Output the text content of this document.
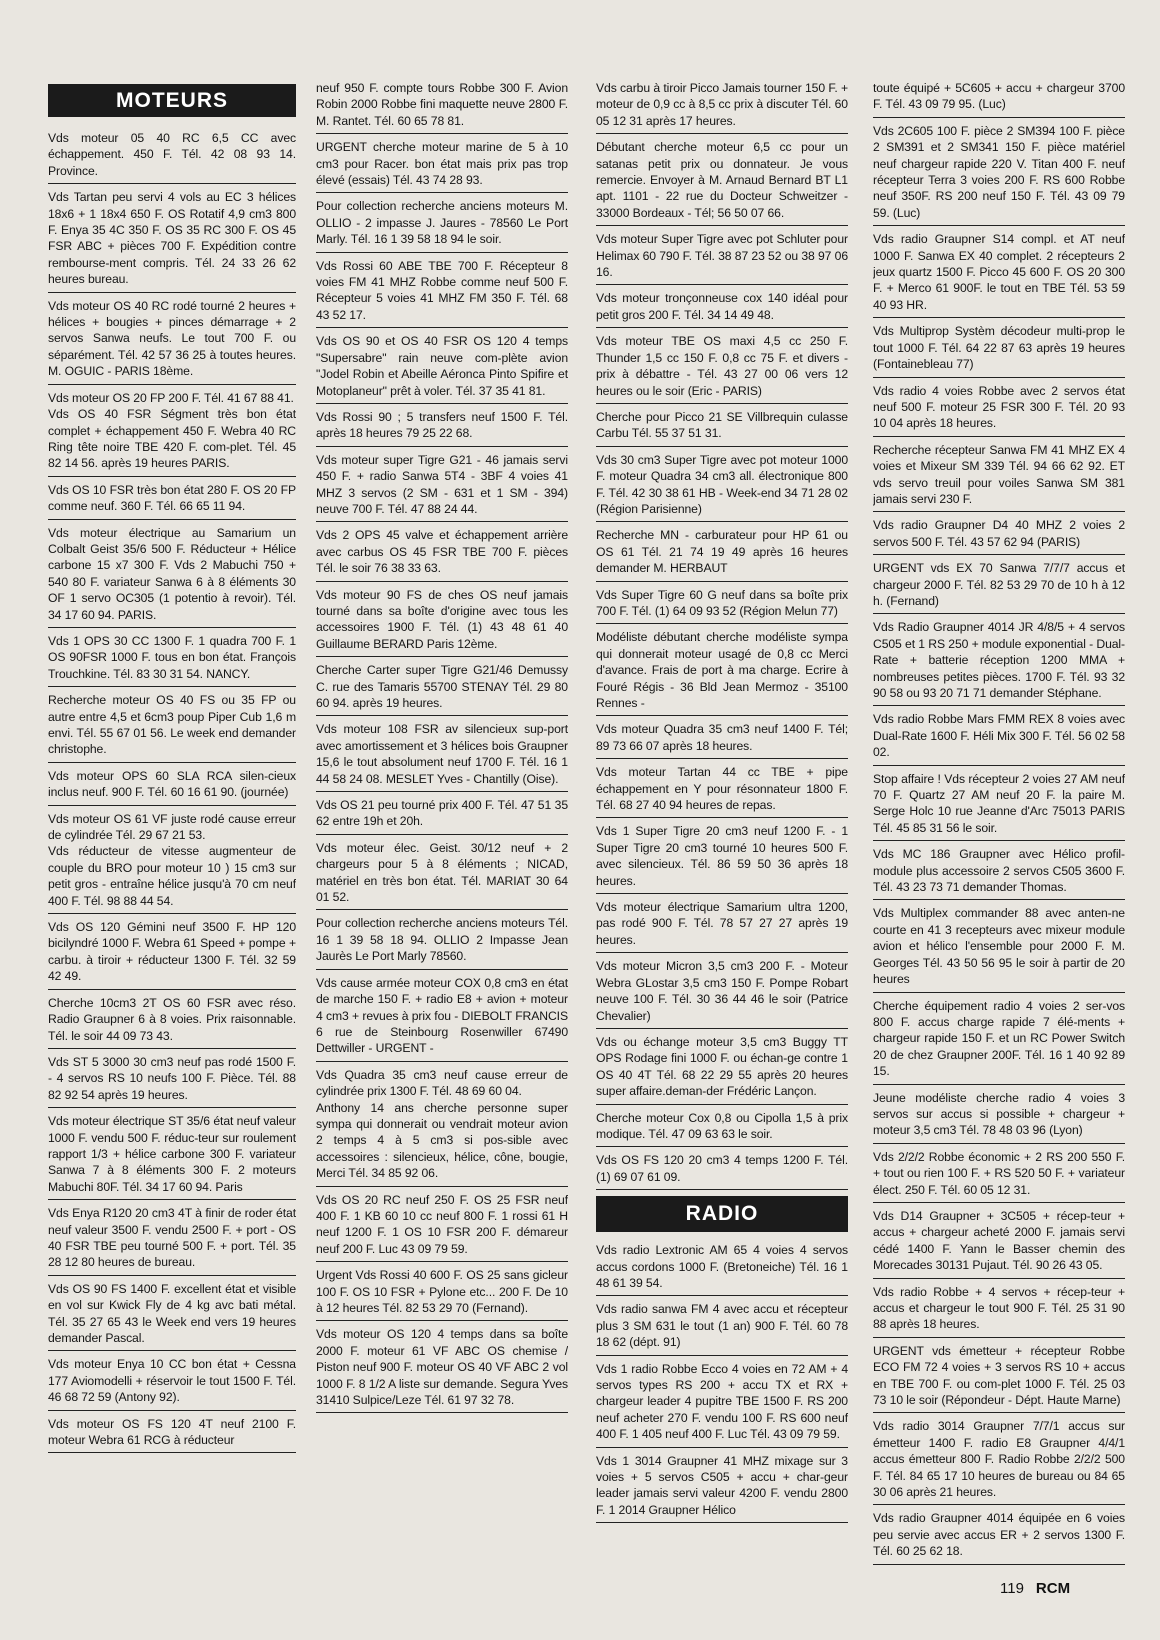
MOTEURS
Vds moteur 05 40 RC 6,5 CC avec échappement. 450 F. Tél. 42 08 93 14. Province.
Vds Tartan peu servi 4 vols au EC 3 hélices 18x6 + 1 18x4 650 F. OS Rotatif 4,9 cm3 800 F. Enya 35 4C 350 F. OS 35 RC 300 F. OS 45 FSR ABC + pièces 700 F. Expédition contre rembourse-ment compris. Tél. 24 33 26 62 heures bureau.
Vds moteur OS 40 RC rodé tourné 2 heures + hélices + bougies + pinces démarrage + 2 servos Sanwa neufs. Le tout 700 F. ou séparément. Tél. 42 57 36 25 à toutes heures. M. OGUIC - PARIS 18ème.
Vds moteur OS 20 FP 200 F. Tél. 41 67 88 41.
Vds OS 40 FSR Ségment très bon état complet + échappement 450 F. Webra 40 RC Ring tête noire TBE 420 F. com-plet. Tél. 45 82 14 56. après 19 heures PARIS.
Vds OS 10 FSR très bon état 280 F. OS 20 FP comme neuf. 360 F. Tél. 66 65 11 94.
Vds moteur électrique au Samarium un Colbalt Geist 35/6 500 F. Réducteur + Hélice carbone 15 x7 300 F. Vds 2 Mabuchi 750 + 540 80 F. variateur Sanwa 6 à 8 éléments 30 OF 1 servo OC305 (1 potentio à revoir). Tél. 34 17 60 94. PARIS.
Vds 1 OPS 30 CC 1300 F. 1 quadra 700 F. 1 OS 90FSR 1000 F. tous en bon état. François Trouchkine. Tél. 83 30 31 54. NANCY.
Recherche moteur OS 40 FS ou 35 FP ou autre entre 4,5 et 6cm3 poup Piper Cub 1,6 m envi. Tél. 55 67 01 56. Le week end demander christophe.
Vds moteur OPS 60 SLA RCA silen-cieux inclus neuf. 900 F. Tél. 60 16 61 90. (journée)
Vds moteur OS 61 VF juste rodé cause erreur de cylindrée Tél. 29 67 21 53.
Vds réducteur de vitesse augmenteur de couple du BRO pour moteur 10 ) 15 cm3 sur petit gros - entraîne hélice jusqu'à 70 cm neuf 400 F. Tél. 98 88 44 54.
Vds OS 120 Gémini neuf 3500 F. HP 120 bicilyndré 1000 F. Webra 61 Speed + pompe + carbu. à tiroir + réducteur 1300 F. Tél. 32 59 42 49.
Cherche 10cm3 2T OS 60 FSR avec réso. Radio Graupner 6 à 8 voies. Prix raisonnable. Tél. le soir 44 09 73 43.
Vds ST 5 3000 30 cm3 neuf pas rodé 1500 F. - 4 servos RS 10 neufs 100 F. Pièce. Tél. 88 82 92 54 après 19 heures.
Vds moteur électrique ST 35/6 état neuf valeur 1000 F. vendu 500 F. réduc-teur sur roulement rapport 1/3 + hélice carbone 300 F. variateur Sanwa 7 à 8 éléments 300 F. 2 moteurs Mabuchi 80F. Tél. 34 17 60 94. Paris
Vds Enya R120 20 cm3 4T à finir de roder état neuf valeur 3500 F. vendu 2500 F. + port - OS 40 FSR TBE peu tourné 500 F. + port. Tél. 35 28 12 80 heures de bureau.
Vds OS 90 FS 1400 F. excellent état et visible en vol sur Kwick Fly de 4 kg avc bati métal. Tél. 35 27 65 43 le Week end vers 19 heures demander Pascal.
Vds moteur Enya 10 CC bon état + Cessna 177 Aviomodelli + réservoir le tout 1500 F. Tél. 46 68 72 59 (Antony 92).
Vds moteur OS FS 120 4T neuf 2100 F. moteur Webra 61 RCG à réducteur
neuf 950 F. compte tours Robbe 300 F. Avion Robin 2000 Robbe fini maquette neuve 2800 F. M. Rantet. Tél. 60 65 78 81.
URGENT cherche moteur marine de 5 à 10 cm3 pour Racer. bon état mais prix pas trop élevé (essais) Tél. 43 74 28 93.
Pour collection recherche anciens moteurs M. OLLIO - 2 impasse J. Jaures - 78560 Le Port Marly. Tél. 16 1 39 58 18 94 le soir.
Vds Rossi 60 ABE TBE 700 F. Récepteur 8 voies FM 41 MHZ Robbe comme neuf 500 F. Récepteur 5 voies 41 MHZ FM 350 F. Tél. 68 43 52 17.
Vds OS 90 et OS 40 FSR OS 120 4 temps "Supersabre" rain neuve com-plète avion "Jodel Robin et Abeille Aéronca Pinto Spifire et Motoplaneur" prêt à voler. Tél. 37 35 41 81.
Vds Rossi 90 ; 5 transfers neuf 1500 F. Tél. après 18 heures 79 25 22 68.
Vds moteur super Tigre G21 - 46 jamais servi 450 F. + radio Sanwa 5T4 - 3BF 4 voies 41 MHZ 3 servos (2 SM - 631 et 1 SM - 394) neuve 700 F. Tél. 47 88 24 44.
Vds 2 OPS 45 valve et échappement arrière avec carbus OS 45 FSR TBE 700 F. pièces Tél. le soir 76 38 33 63.
Vds moteur 90 FS de ches OS neuf jamais tourné dans sa boîte d'origine avec tous les accessoires 1900 F. Tél. (1) 43 48 61 40 Guillaume BERARD Paris 12ème.
Cherche Carter super Tigre G21/46 Demussy C. rue des Tamaris 55700 STENAY Tél. 29 80 60 94. après 19 heures.
Vds moteur 108 FSR av silencieux sup-port avec amortissement et 3 hélices bois Graupner 15,6 le tout absolument neuf 1700 F. Tél. 16 1 44 58 24 08. MESLET Yves - Chantilly (Oise).
Vds OS 21 peu tourné prix 400 F. Tél. 47 51 35 62 entre 19h et 20h.
Vds moteur élec. Geist. 30/12 neuf + 2 chargeurs pour 5 à 8 éléments ; NICAD, matériel en très bon état. Tél. MARIAT 30 64 01 52.
Pour collection recherche anciens moteurs Tél. 16 1 39 58 18 94. OLLIO 2 Impasse Jean Jaurès Le Port Marly 78560.
Vds cause armée moteur COX 0,8 cm3 en état de marche 150 F. + radio E8 + avion + moteur 4 cm3 + revues à prix fou - DIEBOLT FRANCIS 6 rue de Steinbourg Rosenwiller 67490 Dettwiller - URGENT -
Vds Quadra 35 cm3 neuf cause erreur de cylindrée prix 1300 F. Tél. 48 69 60 04.
Anthony 14 ans cherche personne super sympa qui donnerait ou vendrait moteur avion 2 temps 4 à 5 cm3 si pos-sible avec accessoires : silencieux, hélice, cône, bougie, Merci Tél. 34 85 92 06.
Vds OS 20 RC neuf 250 F. OS 25 FSR neuf 400 F. 1 KB 60 10 cc neuf 800 F. 1 rossi 61 H neuf 1200 F. 1 OS 10 FSR 200 F. démareur neuf 200 F. Luc 43 09 79 59.
Urgent Vds Rossi 40 600 F. OS 25 sans gicleur 100 F. OS 10 FSR + Pylone etc... 200 F. De 10 à 12 heures Tél. 82 53 29 70 (Fernand).
Vds moteur OS 120 4 temps dans sa boîte 2000 F. moteur 61 VF ABC OS chemise / Piston neuf 900 F. moteur OS 40 VF ABC 2 vol 1000 F. 8 1/2 A liste sur demande. Segura Yves 31410 Sulpice/Leze Tél. 61 97 32 78.
Vds carbu à tiroir Picco Jamais tourner 150 F. + moteur de 0,9 cc à 8,5 cc prix à discuter Tél. 60 05 12 31 après 17 heures.
Débutant cherche moteur 6,5 cc pour un satanas petit prix ou donnateur. Je vous remercie. Envoyer à M. Arnaud Bernard BT L1 apt. 1101 - 22 rue du Docteur Schweitzer - 33000 Bordeaux - Tél; 56 50 07 66.
Vds moteur Super Tigre avec pot Schluter pour Helimax 60 790 F. Tél. 38 87 23 52 ou 38 97 06 16.
Vds moteur tronçonneuse cox 140 idéal pour petit gros 200 F. Tél. 34 14 49 48.
Vds moteur TBE OS maxi 4,5 cc 250 F. Thunder 1,5 cc 150 F. 0,8 cc 75 F. et divers - prix à débattre - Tél. 43 27 00 06 vers 12 heures ou le soir (Eric - PARIS)
Cherche pour Picco 21 SE Villbrequin culasse Carbu Tél. 55 37 51 31.
Vds 30 cm3 Super Tigre avec pot moteur 1000 F. moteur Quadra 34 cm3 all. électronique 800 F. Tél. 42 30 38 61 HB - Week-end 34 71 28 02 (Région Parisienne)
Recherche MN - carburateur pour HP 61 ou OS 61 Tél. 21 74 19 49 après 16 heures demander M. HERBAUT
Vds Super Tigre 60 G neuf dans sa boîte prix 700 F. Tél. (1) 64 09 93 52 (Région Melun 77)
Modéliste débutant cherche modéliste sympa qui donnerait moteur usagé de 0,8 cc Merci d'avance. Frais de port à ma charge. Ecrire à Fouré Régis - 36 Bld Jean Mermoz - 35100 Rennes -
Vds moteur Quadra 35 cm3 neuf 1400 F. Tél; 89 73 66 07 après 18 heures.
Vds moteur Tartan 44 cc TBE + pipe échappement en Y pour résonnateur 1800 F. Tél. 68 27 40 94 heures de repas.
Vds 1 Super Tigre 20 cm3 neuf 1200 F. - 1 Super Tigre 20 cm3 tourné 10 heures 500 F. avec silencieux. Tél. 86 59 50 36 après 18 heures.
Vds moteur électrique Samarium ultra 1200, pas rodé 900 F. Tél. 78 57 27 27 après 19 heures.
Vds moteur Micron 3,5 cm3 200 F. - Moteur Webra GLostar 3,5 cm3 150 F. Pompe Robart neuve 100 F. Tél. 30 36 44 46 le soir (Patrice Chevalier)
Vds ou échange moteur 3,5 cm3 Buggy TT OPS Rodage fini 1000 F. ou échan-ge contre 1 OS 40 4T Tél. 68 22 29 55 après 20 heures super affaire.deman-der Frédéric Lançon.
Cherche moteur Cox 0,8 ou Cipolla 1,5 à prix modique. Tél. 47 09 63 63 le soir.
Vds OS FS 120 20 cm3 4 temps 1200 F. Tél. (1) 69 07 61 09.
RADIO
Vds radio Lextronic AM 65 4 voies 4 servos accus cordons 1000 F. (Bretoneiche) Tél. 16 1 48 61 39 54.
Vds radio sanwa FM 4 avec accu et récepteur plus 3 SM 631 le tout (1 an) 900 F. Tél. 60 78 18 62 (dépt. 91)
Vds 1 radio Robbe Ecco 4 voies en 72 AM + 4 servos types RS 200 + accu TX et RX + chargeur leader 4 pupitre TBE 1500 F. RS 200 neuf acheter 270 F. vendu 100 F. RS 600 neuf 400 F. 1 405 neuf 400 F. Luc Tél. 43 09 79 59.
Vds 1 3014 Graupner 41 MHZ mixage sur 3 voies + 5 servos C505 + accu + char-geur leader jamais servi valeur 4200 F. vendu 2800 F. 1 2014 Graupner Hélico
toute équipé + 5C605 + accu + chargeur 3700 F. Tél. 43 09 79 95. (Luc)
Vds 2C605 100 F. pièce 2 SM394 100 F. pièce 2 SM391 et 2 SM341 150 F. pièce matériel neuf chargeur rapide 220 V. Titan 400 F. neuf récepteur Terra 3 voies 200 F. RS 600 Robbe neuf 350F. RS 200 neuf 150 F. Tél. 43 09 79 59. (Luc)
Vds radio Graupner S14 compl. et AT neuf 1000 F. Sanwa EX 40 complet. 2 récepteurs 2 jeux quartz 1500 F. Picco 45 600 F. OS 20 300 F. + Merco 61 900F. le tout en TBE Tél. 53 59 40 93 HR.
Vds Multiprop Systèm décodeur multi-prop le tout 1000 F. Tél. 64 22 87 63 après 19 heures (Fontainebleau 77)
Vds radio 4 voies Robbe avec 2 servos état neuf 500 F. moteur 25 FSR 300 F. Tél. 20 93 10 04 après 18 heures.
Recherche récepteur Sanwa FM 41 MHZ EX 4 voies et Mixeur SM 339 Tél. 94 66 62 92. ET vds servo treuil pour voiles Sanwa SM 381 jamais servi 230 F.
Vds radio Graupner D4 40 MHZ 2 voies 2 servos 500 F. Tél. 43 57 62 94 (PARIS)
URGENT vds EX 70 Sanwa 7/7/7 accus et chargeur 2000 F. Tél. 82 53 29 70 de 10 h à 12 h. (Fernand)
Vds Radio Graupner 4014 JR 4/8/5 + 4 servos C505 et 1 RS 250 + module exponential - Dual-Rate + batterie réception 1200 MMA + nombreuses petites pièces. 1700 F. Tél. 93 32 90 58 ou 93 20 71 71 demander Stéphane.
Vds radio Robbe Mars FMM REX 8 voies avec Dual-Rate 1600 F. Héli Mix 300 F. Tél. 56 02 58 02.
Stop affaire ! Vds récepteur 2 voies 27 AM neuf 70 F. Quartz 27 AM neuf 20 F. la paire M. Serge Holc 10 rue Jeanne d'Arc 75013 PARIS Tél. 45 85 31 56 le soir.
Vds MC 186 Graupner avec Hélico profil-module plus accessoire 2 servos C505 3600 F. Tél. 43 23 73 71 demander Thomas.
Vds Multiplex commander 88 avec anten-ne courte en 41 3 recepteurs avec mixeur module avion et hélico l'ensemble pour 2000 F. M. Georges Tél. 43 50 56 95 le soir à partir de 20 heures
Cherche équipement radio 4 voies 2 ser-vos 800 F. accus charge rapide 7 élé-ments + chargeur rapide 150 F. et un RC Power Switch 20 de chez Graupner 200F. Tél. 16 1 40 92 89 15.
Jeune modéliste cherche radio 4 voies 3 servos sur accus si possible + chargeur + moteur 3,5 cm3 Tél. 78 48 03 96 (Lyon)
Vds 2/2/2 Robbe économic + 2 RS 200 550 F. + tout ou rien 100 F. + RS 520 50 F. + variateur élect. 250 F. Tél. 60 05 12 31.
Vds D14 Graupner + 3C505 + récep-teur + accus + chargeur acheté 2000 F. jamais servi cédé 1400 F. Yann le Basser chemin des Morecades 30131 Pujaut. Tél. 90 26 43 05.
Vds radio Robbe + 4 servos + récep-teur + accus et chargeur le tout 900 F. Tél. 25 31 90 88 après 18 heures.
URGENT vds émetteur + récepteur Robbe ECO FM 72 4 voies + 3 servos RS 10 + accus en TBE 700 F. ou com-plet 1000 F. Tél. 25 03 73 10 le soir (Répondeur - Dépt. Haute Marne)
Vds radio 3014 Graupner 7/7/1 accus sur émetteur 1400 F. radio E8 Graupner 4/4/1 accus émetteur 800 F. Radio Robbe 2/2/2 500 F. Tél. 84 65 17 10 heures de bureau ou 84 65 30 06 après 21 heures.
Vds radio Graupner 4014 équipée en 6 voies peu servie avec accus ER + 2 servos 1300 F. Tél. 60 25 62 18.
119 RCM
